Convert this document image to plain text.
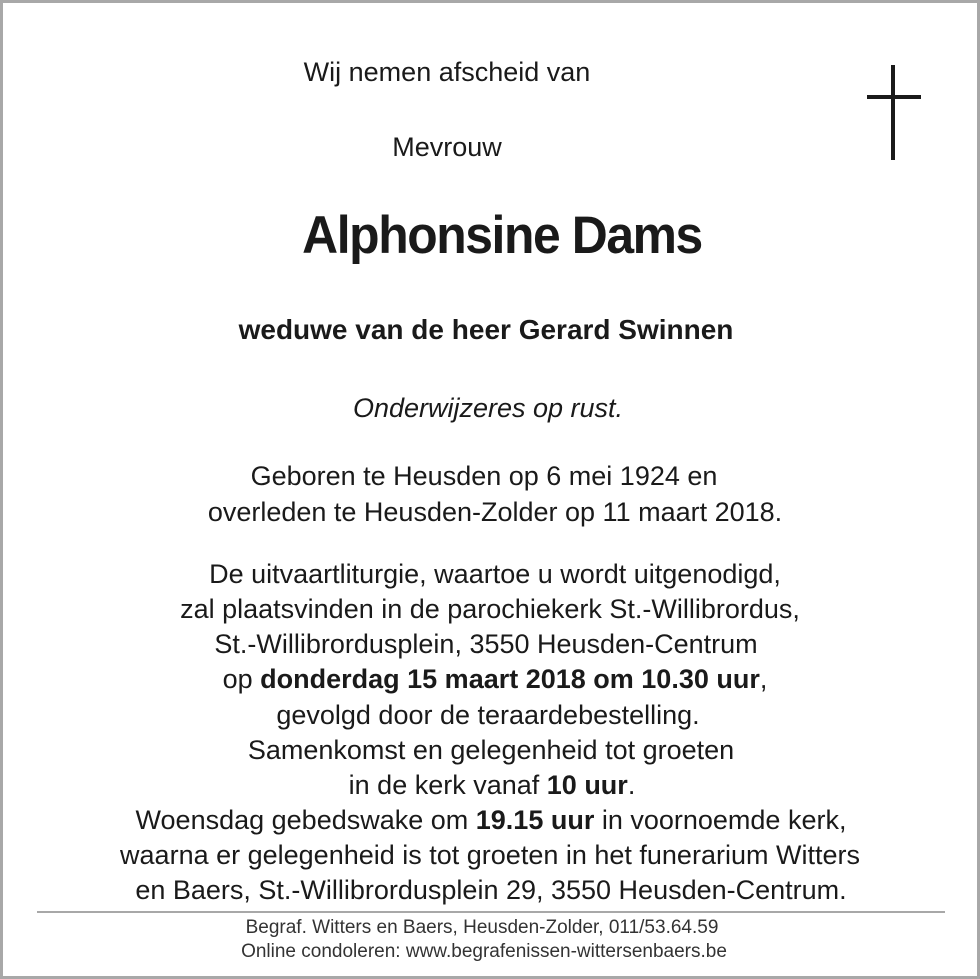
Wij nemen afscheid van
Mevrouw
Alphonsine Dams
weduwe van de heer Gerard Swinnen
Onderwijzeres op rust.
Geboren te Heusden op 6 mei 1924 en
overleden te Heusden-Zolder op 11 maart 2018.
De uitvaartliturgie, waartoe u wordt uitgenodigd,
zal plaatsvinden in de parochiekerk St.-Willibrordus,
St.-Willibrordusplein, 3550 Heusden-Centrum
op donderdag 15 maart 2018 om 10.30 uur,
gevolgd door de teraardebestelling.
Samenkomst en gelegenheid tot groeten
in de kerk vanaf 10 uur.
Woensdag gebedswake om 19.15 uur in voornoemde kerk,
waarna er gelegenheid is tot groeten in het funerarium Witters
en Baers, St.-Willibrordusplein 29, 3550 Heusden-Centrum.
Begraf. Witters en Baers, Heusden-Zolder, 011/53.64.59
Online condoleren: www.begrafenissen-wittersenbaers.be
